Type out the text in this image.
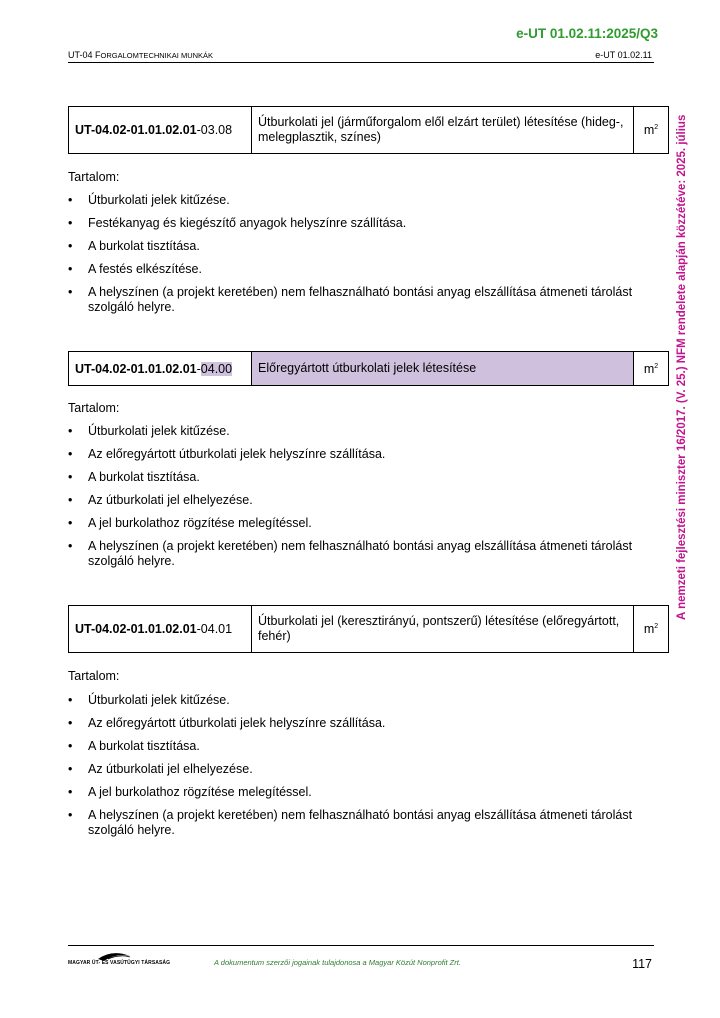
e-UT 01.02.11:2025/Q3
UT-04 FORGALOMTECHNIKAI MUNKÁK	e-UT 01.02.11
A nemzeti fejlesztési miniszter 16/2017. (V. 25.) NFM rendelete alapján közzétéve: 2025. július
UT-04.02-01.01.02.01-03.08	Útburkolati jel (járműforgalom elől elzárt terület) létesítése (hideg-, melegplasztik, színes)	$m^2$
Tartalom:
• Útburkolati jelek kitűzése.
• Festékanyag és kiegészítő anyagok helyszínre szállítása.
• A burkolat tisztítása.
• A festés elkészítése.
• A helyszínen (a projekt keretében) nem felhasználható bontási anyag elszállítása átmeneti tárolást szolgáló helyre.
UT-04.02-01.01.02.01-04.00	Előregyártott útburkolati jelek létesítése	$m^2$
Tartalom:
• Útburkolati jelek kitűzése.
• Az előregyártott útburkolati jelek helyszínre szállítása.
• A burkolat tisztítása.
• Az útburkolati jel elhelyezése.
• A jel burkolathoz rögzítése melegítéssel.
• A helyszínen (a projekt keretében) nem felhasználható bontási anyag elszállítása átmeneti tárolást szolgáló helyre.
UT-04.02-01.01.02.01-04.01	Útburkolati jel (keresztirányú, pontszerű) létesítése (előregyártott, fehér)	$m^2$
Tartalom:
• Útburkolati jelek kitűzése.
• Az előregyártott útburkolati jelek helyszínre szállítása.
• A burkolat tisztítása.
• Az útburkolati jel elhelyezése.
• A jel burkolathoz rögzítése melegítéssel.
• A helyszínen (a projekt keretében) nem felhasználható bontási anyag elszállítása átmeneti tárolást szolgáló helyre.
MAGYAR ÚT- ÉS VASÚTÜGYI TÁRSASÁG	A dokumentum szerzői jogainak tulajdonosa a Magyar Közút Nonprofit Zrt.	117
